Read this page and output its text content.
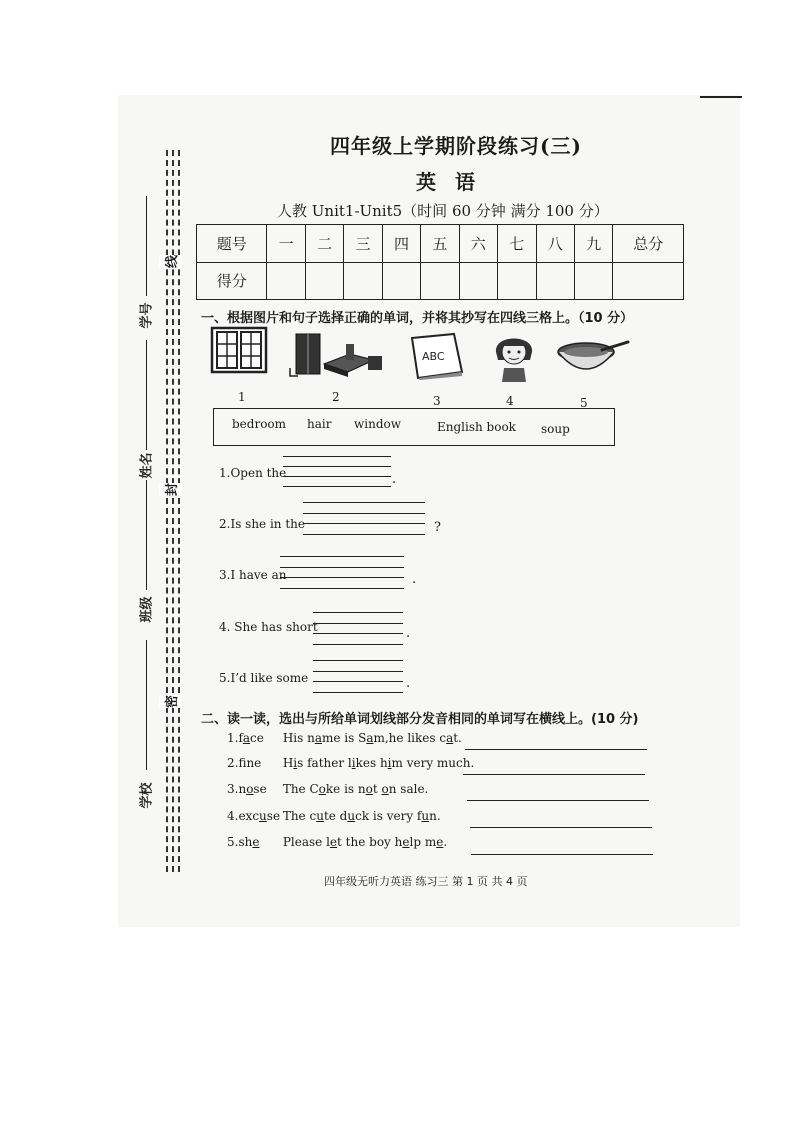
学号
姓名
班级
学校
线
封
密
四年级上学期阶段练习(三)
英 语
人教 Unit1-Unit5（时间 60 分钟 满分 100 分）
题号	一	二	三	四	五	六	七	八	九	总分
得分										
一、根据图片和句子选择正确的单词，并将其抄写在四线三格上。（10 分）
ABC
1	2	3	4	5
bedroom hair window	English book soup
1.Open the	.
2.Is she in the	?
3.I have an	.
4. She has short	.
5.I’d like some	.
二、读一读，选出与所给单词划线部分发音相同的单词写在横线上。(10 分)
1.face His name is Sam,he likes cat.
2.fne His father likes him very much.
3.nose The Coke is not on sale.
4.excuse The cute duck is very fun.
5.she Please let the boy help me.
四年级无听力英语 练习三 第 1 页 共 4 页
